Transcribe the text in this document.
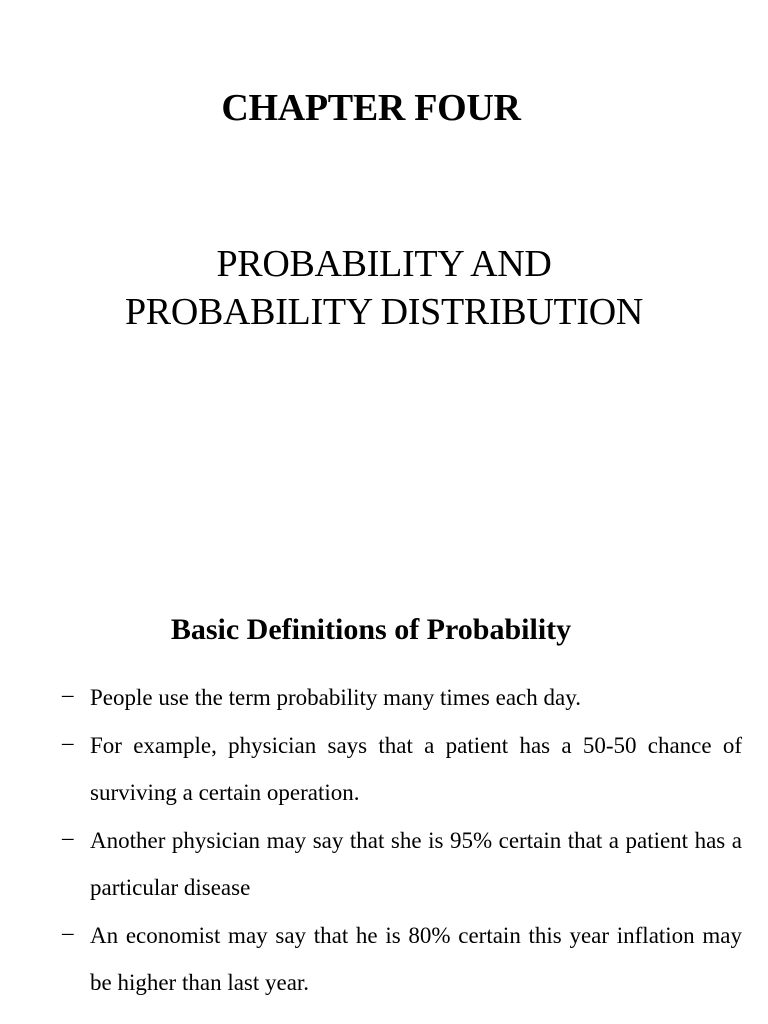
CHAPTER FOUR
PROBABILITY AND
PROBABILITY DISTRIBUTION
Basic Definitions of Probability
– People use the term probability many times each day.
– For example, physician says that a patient has a 50-50 chance of surviving a certain operation.
– Another physician may say that she is 95% certain that a patient has a particular disease
– An economist may say that he is 80% certain this year inflation may be higher than last year.
